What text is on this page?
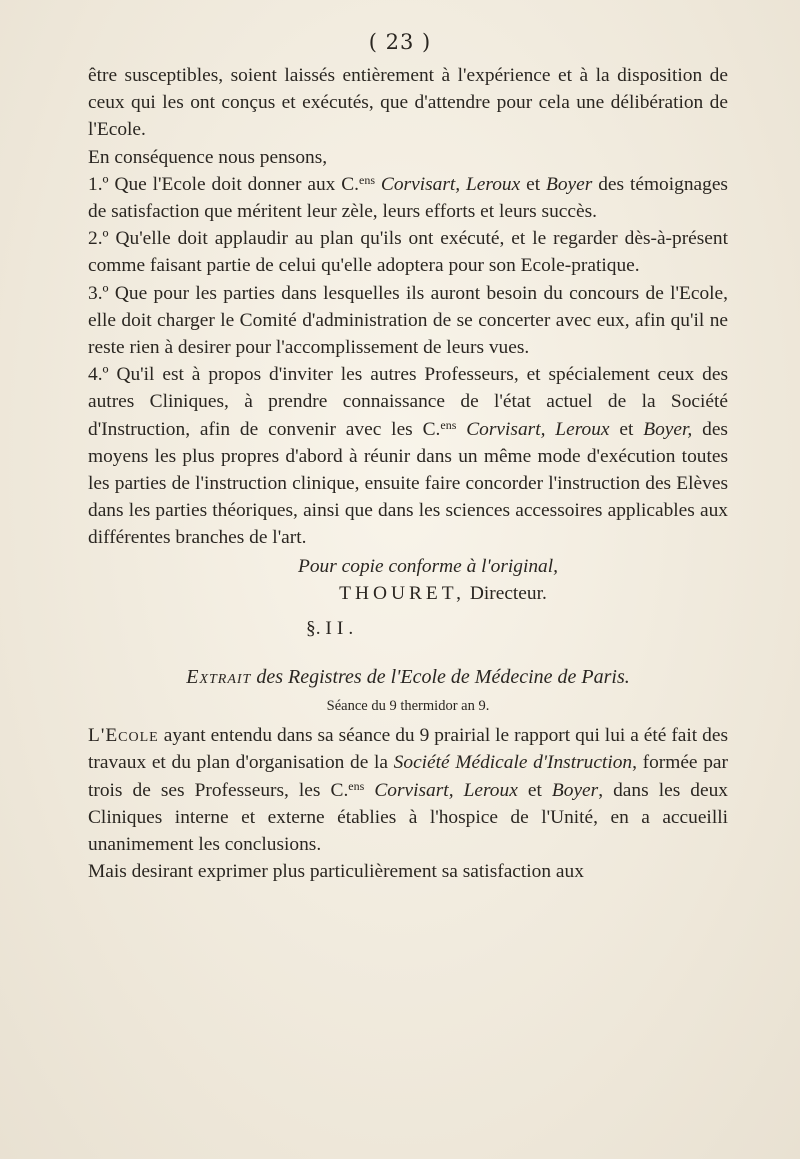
( 23 )

être susceptibles, soient laissés entièrement à l'expérience et à la disposition de ceux qui les ont conçus et exécutés, que d'attendre pour cela une délibération de l'Ecole.

En conséquence nous pensons,

1.º Que l'Ecole doit donner aux C.$^{ens}$ Corvisart, Leroux et Boyer des témoignages de satisfaction que méritent leur zèle, leurs efforts et leurs succès.

2.º Qu'elle doit applaudir au plan qu'ils ont exécuté, et le regarder dès-à-présent comme faisant partie de celui qu'elle adoptera pour son Ecole-pratique.

3.º Que pour les parties dans lesquelles ils auront besoin du concours de l'Ecole, elle doit charger le Comité d'administration de se concerter avec eux, afin qu'il ne reste rien à desirer pour l'accomplissement de leurs vues.

4.º Qu'il est à propos d'inviter les autres Professeurs, et spécialement ceux des autres Cliniques, à prendre connaissance de l'état actuel de la Société d'Instruction, afin de convenir avec les C.$^{ens}$ Corvisart, Leroux et Boyer, des moyens les plus propres d'abord à réunir dans un même mode d'exécution toutes les parties de l'instruction clinique, ensuite faire concorder l'instruction des Elèves dans les parties théoriques, ainsi que dans les sciences accessoires applicables aux différentes branches de l'art.

Pour copie conforme à l'original,
THOURET, Directeur.
§. II.
Extrait des Registres de l'Ecole de Médecine de Paris.
Séance du 9 thermidor an 9.

L'Ecole ayant entendu dans sa séance du 9 prairial le rapport qui lui a été fait des travaux et du plan d'organisation de la Société Médicale d'Instruction, formée par trois de ses Professeurs, les C.$^{ens}$ Corvisart, Leroux et Boyer, dans les deux Cliniques interne et externe établies à l'hospice de l'Unité, en a accueilli unanimement les conclusions.

Mais desirant exprimer plus particulièrement sa satisfaction aux
